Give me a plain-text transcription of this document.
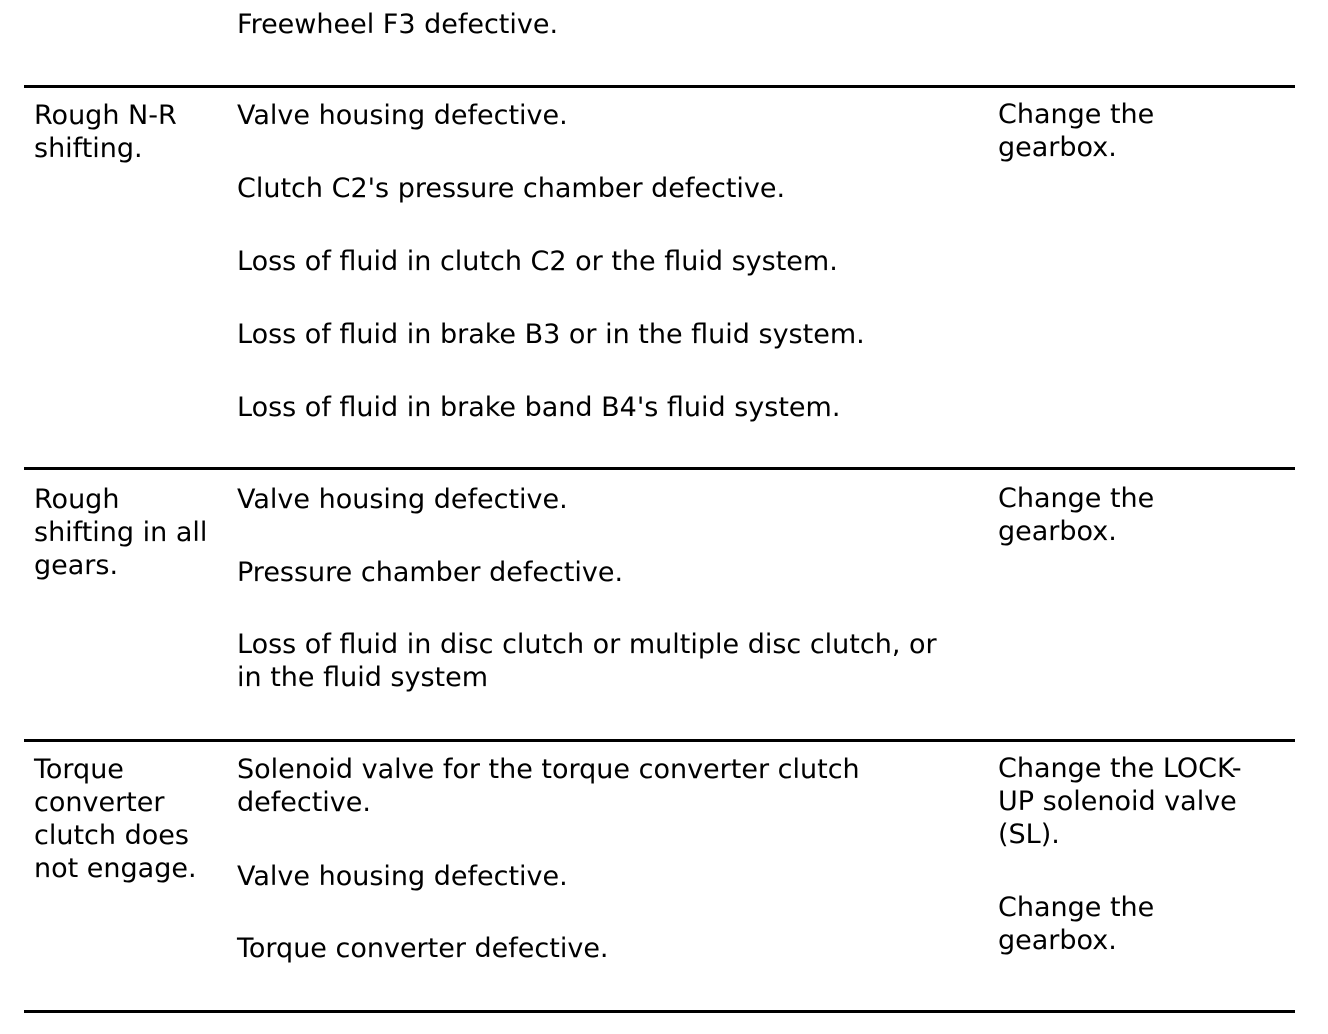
Freewheel F3 defective.

Rough N-R
shifting.

Valve housing defective.

Clutch C2's pressure chamber defective.

Loss of fluid in clutch C2 or the fluid system.

Loss of fluid in brake B3 or in the fluid system.

Loss of fluid in brake band B4's fluid system.

Change the
gearbox.

Rough
shifting in all
gears.

Valve housing defective.

Pressure chamber defective.

Loss of fluid in disc clutch or multiple disc clutch, or
in the fluid system

Change the
gearbox.

Torque
converter
clutch does
not engage.

Solenoid valve for the torque converter clutch
defective.

Valve housing defective.

Torque converter defective.

Change the LOCK-
UP solenoid valve
(SL).

Change the
gearbox.
